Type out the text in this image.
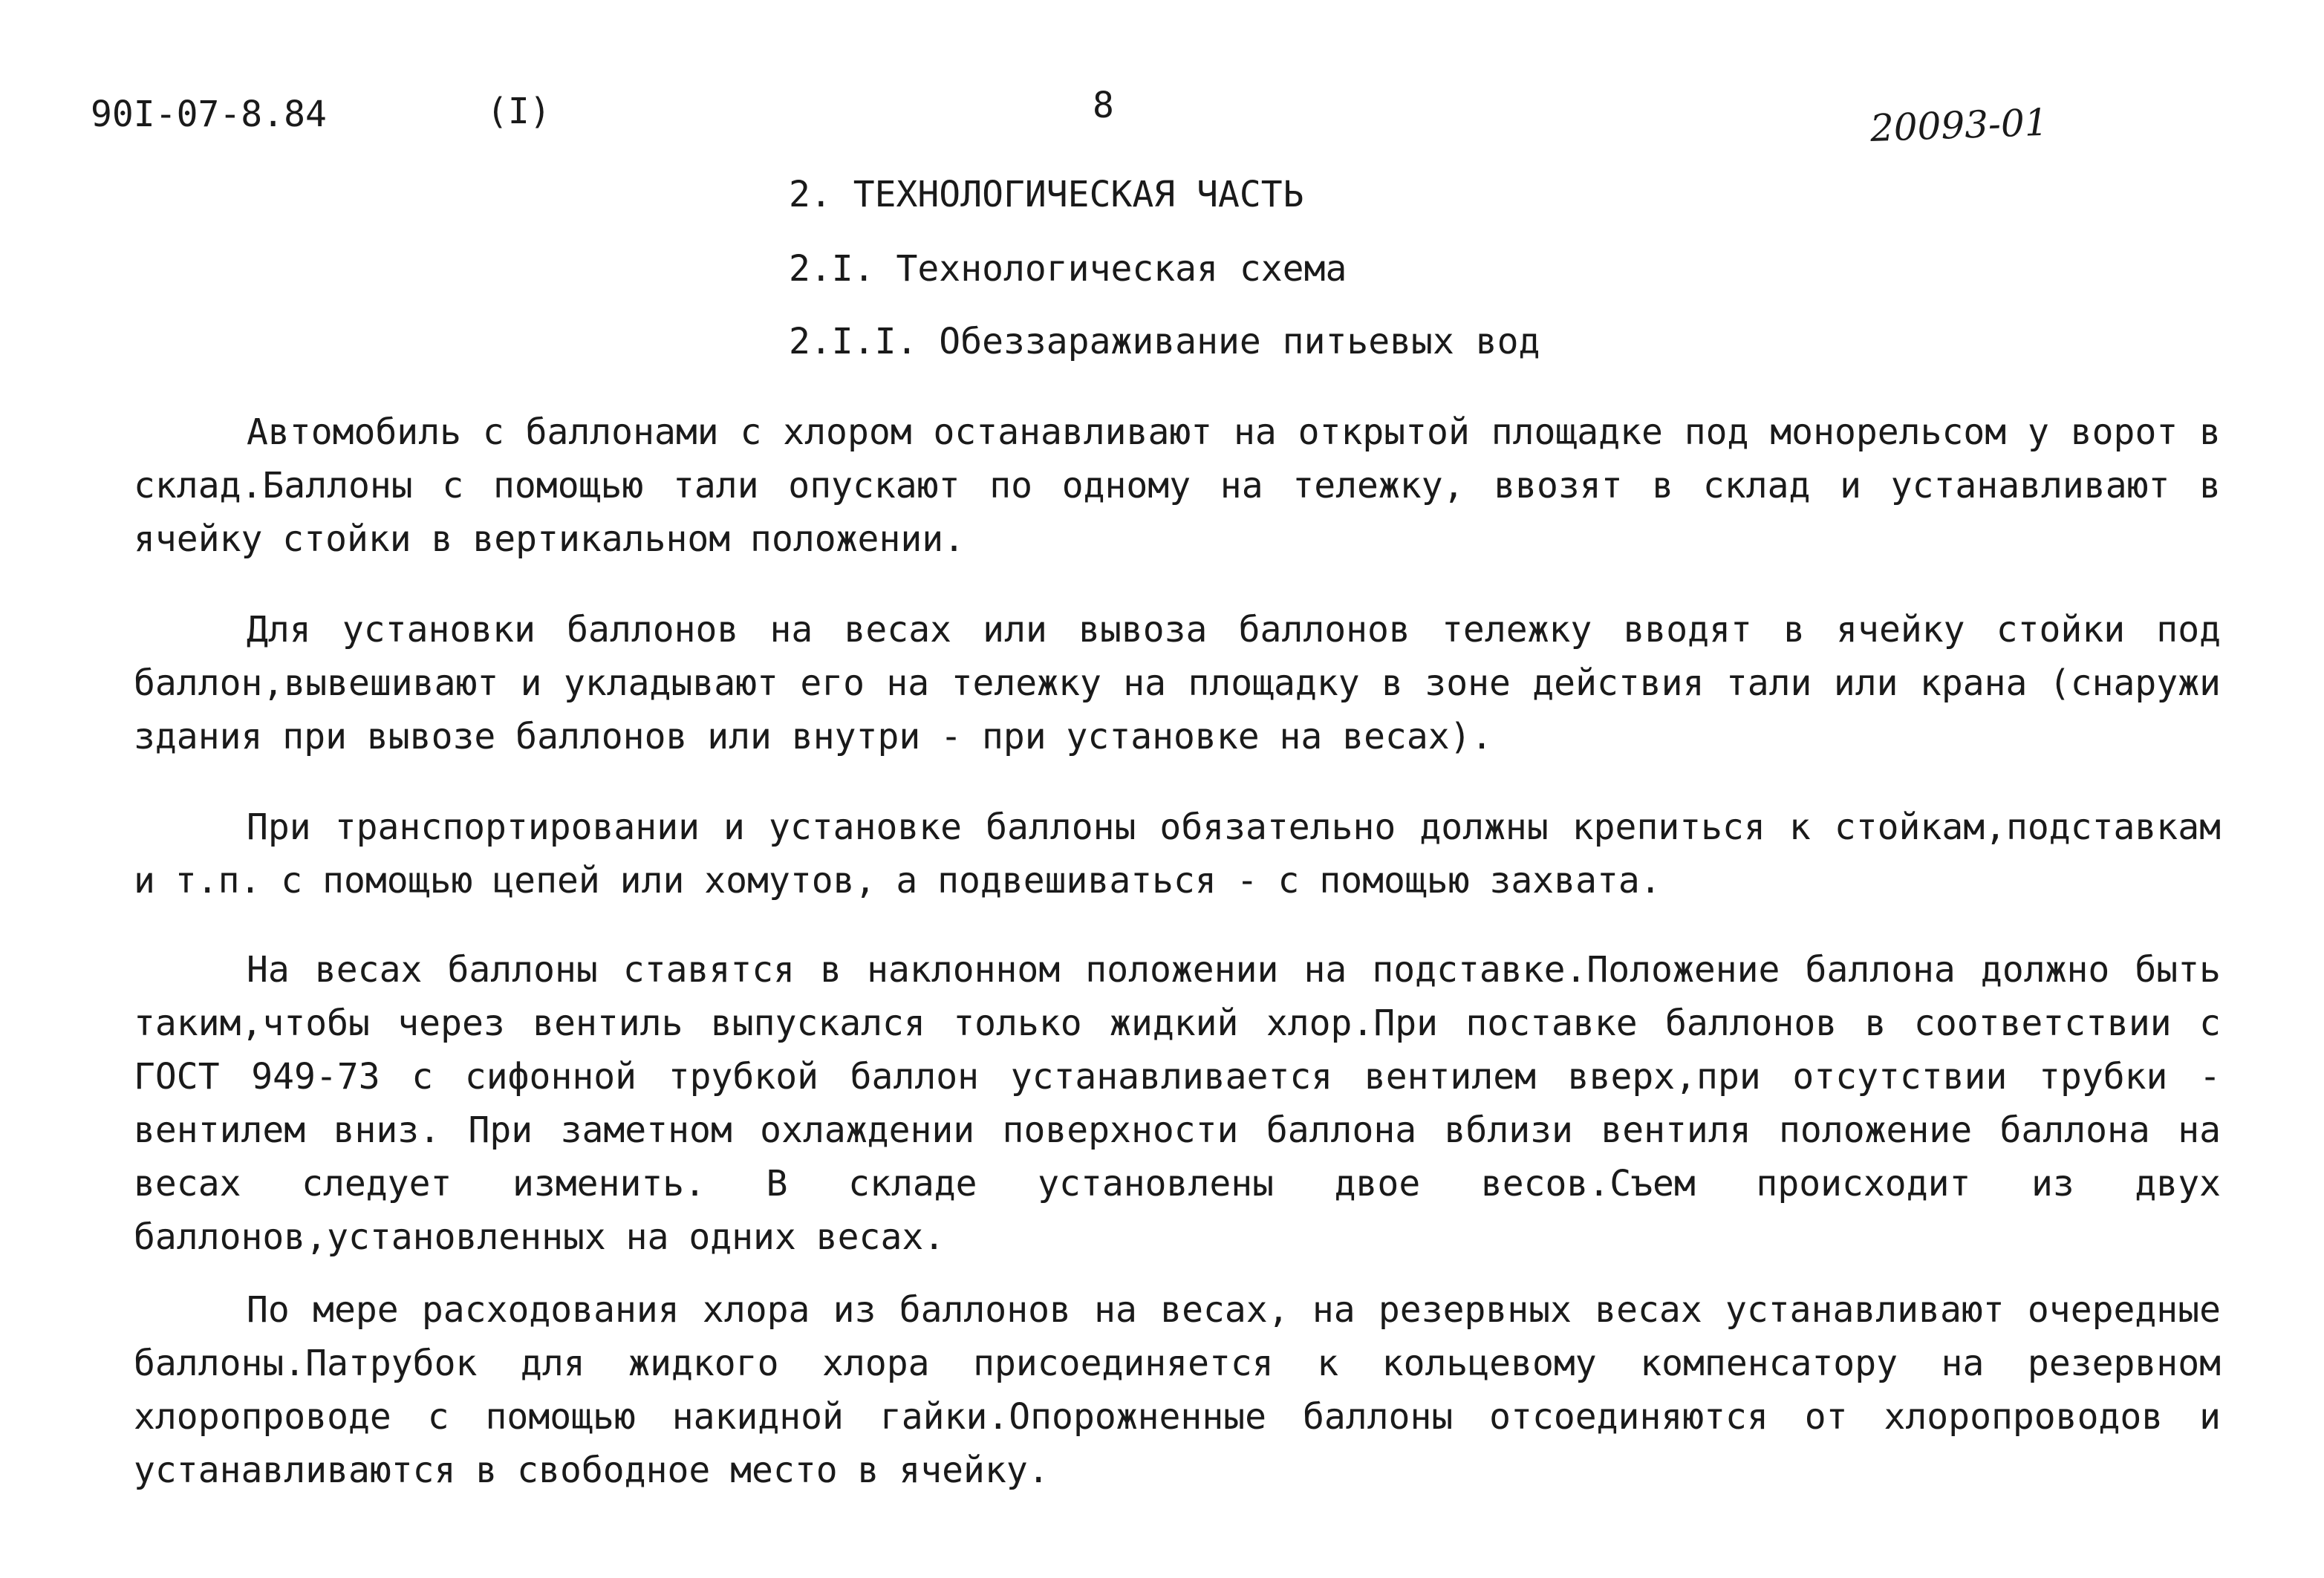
90I-07-8.84	(I)	8	20093-01
2. ТЕХНОЛОГИЧЕСКАЯ ЧАСТЬ
2.I. Технологическая схема
2.I.I. Обеззараживание питьевых вод

Автомобиль с баллонами с хлором останавливают на открытой площадке под монорельсом у ворот в склад.Баллоны с помощью тали опускают по одному на тележку, ввозят в склад и устанавливают в ячейку стойки в вертикальном положении.

Для установки баллонов на весах или вывоза баллонов тележку вводят в ячейку стойки под баллон,вывешивают и укладывают его на тележку на площадку в зоне действия тали или крана (снаружи здания при вывозе баллонов или внутри - при установке на весах).

При транспортировании и установке баллоны обязательно должны крепиться к стойкам,подставкам и т.п. с помощью цепей или хомутов, а подвешиваться - с помощью захвата.

На весах баллоны ставятся в наклонном положении на подставке.Положение баллона должно быть таким,чтобы через вентиль выпускался только жидкий хлор.При поставке баллонов в соответствии с ГОСТ 949-73 с сифонной трубкой баллон устанавливается вентилем вверх,при отсутствии трубки - вентилем вниз. При заметном охлаждении поверхности баллона вблизи вентиля положение баллона на весах следует изменить. В складе установлены двое весов.Съем происходит из двух баллонов,установленных на одних весах.

По мере расходования хлора из баллонов на весах, на резервных весах устанавливают очередные баллоны.Патрубок для жидкого хлора присоединяется к кольцевому компенсатору на резервном хлоропроводе с помощью накидной гайки.Опорожненные баллоны отсоединяются от хлоропроводов и устанавливаются в свободное место в ячейку.
